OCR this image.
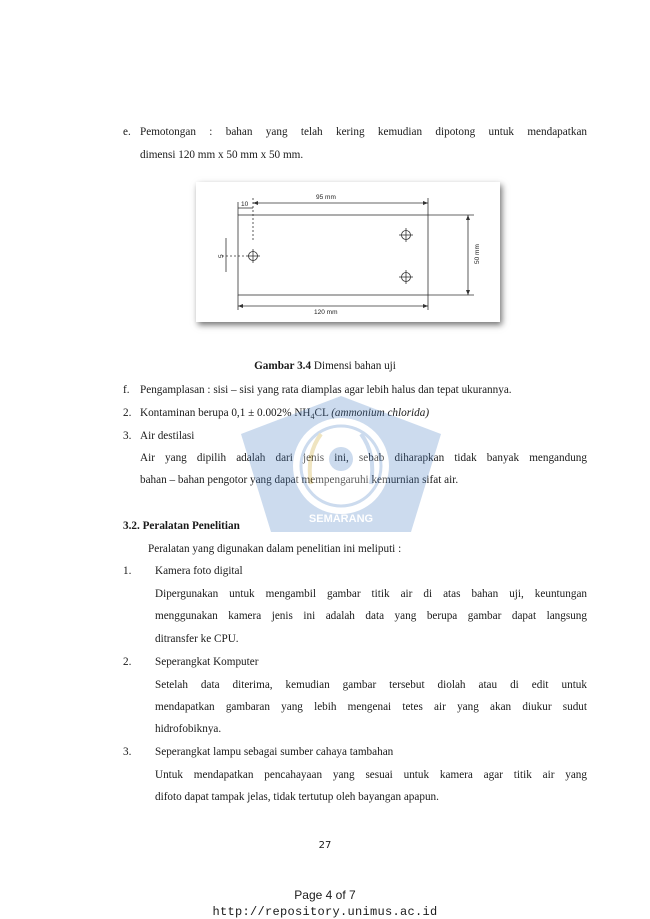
e. Pemotongan : bahan yang telah kering kemudian dipotong untuk mendapatkan
dimensi 120 mm x 50 mm x 50 mm.
95 mm
10
5	50 mm
120 mm
Gambar 3.4 Dimensi bahan uji
f. Pengamplasan : sisi – sisi yang rata diamplas agar lebih halus dan tepat ukurannya.
2. Kontaminan berupa 0,1 ± 0.002% $NH_4CL$ (ammonium chlorida)
3. Air destilasi
Air yang dipilih adalah dari jenis ini, sebab diharapkan tidak banyak mengandung
bahan – bahan pengotor yang dapat mempengaruhi kemurnian sifat air.
3.2. Peralatan Penelitian
Peralatan yang digunakan dalam penelitian ini meliputi :
1. Kamera foto digital
Dipergunakan untuk mengambil gambar titik air di atas bahan uji, keuntungan
menggunakan kamera jenis ini adalah data yang berupa gambar dapat langsung
ditransfer ke CPU.
2. Seperangkat Komputer
Setelah data diterima, kemudian gambar tersebut diolah atau di edit untuk
mendapatkan gambaran yang lebih mengenai tetes air yang akan diukur sudut
hidrofobiknya.
3. Seperangkat lampu sebagai sumber cahaya tambahan
Untuk mendapatkan pencahayaan yang sesuai untuk kamera agar titik air yang
difoto dapat tampak jelas, tidak tertutup oleh bayangan apapun.
SEMARANG
27
Page 4 of 7
http://repository.unimus.ac.id
